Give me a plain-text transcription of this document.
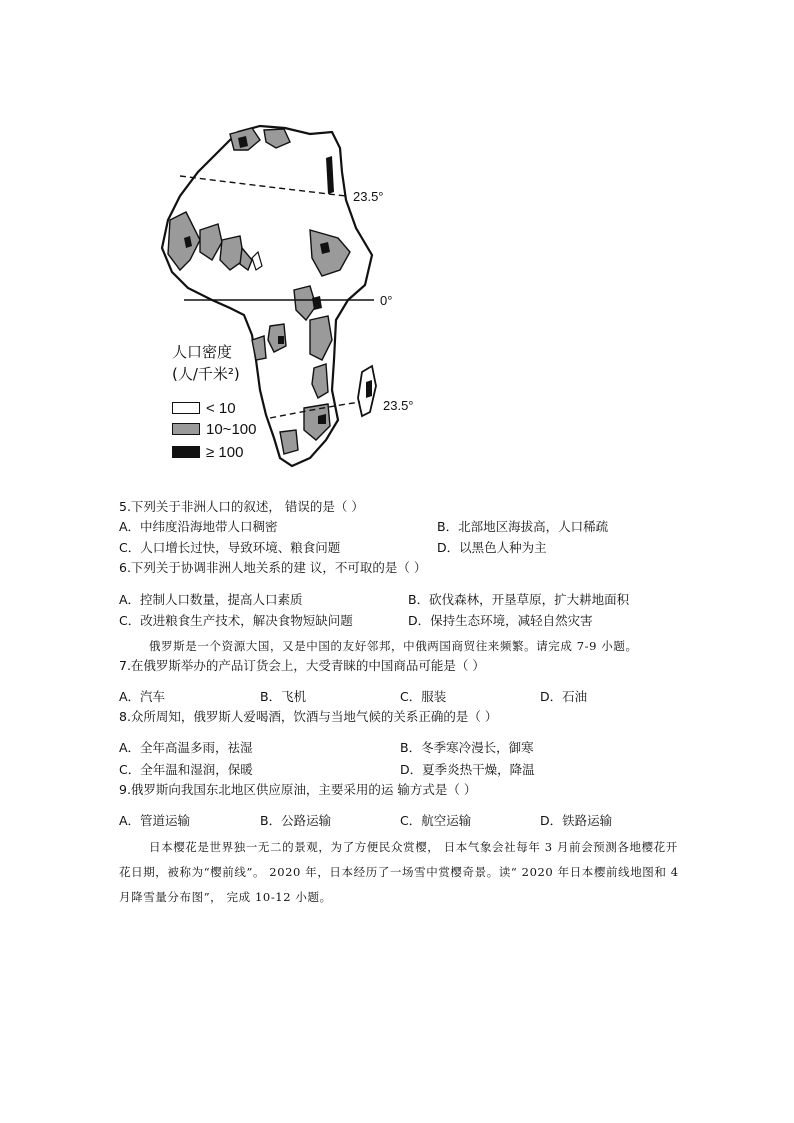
23.5°
0°
23.5°
人口密度
(人/千米²)
< 10
10~100
≥ 100
5.下列关于非洲人口的叙述， 错误的是（ ）
A．中纬度沿海地带人口稠密	B．北部地区海拔高，人口稀疏
C．人口增长过快，导致环境、粮食问题	D．以黑色人种为主
6.下列关于协调非洲人地关系的建 议，不可取的是（ ）
A．控制人口数量，提高人口素质	B．砍伐森林，开垦草原，扩大耕地面积
C．改进粮食生产技术，解决食物短缺问题	D．保持生态环境，减轻自然灾害
俄罗斯是一个资源大国，又是中国的友好邻邦，中俄两国商贸往来频繁。请完成 7-9 小题。
7.在俄罗斯举办的产品订货会上，大受青睐的中国商品可能是（ ）
A．汽车	B．飞机	C．服装	D．石油
8.众所周知，俄罗斯人爱喝酒，饮酒与当地气候的关系正确的是（ ）
A．全年高温多雨，祛湿	B．冬季寒冷漫长，御寒
C．全年温和湿润，保暖	D．夏季炎热干燥，降温
9.俄罗斯向我国东北地区供应原油，主要采用的运 输方式是（ ）
A．管道运输	B．公路运输	C．航空运输	D．铁路运输
日本樱花是世界独一无二的景观，为了方便民众赏樱， 日本气象会社每年 3 月前会预测各地樱花开花日期，被称为“樱前线”。 2020 年，日本经历了一场雪中赏樱奇景。读“ 2020 年日本樱前线地图和 4 月降雪量分布图”， 完成 10-12 小题。
